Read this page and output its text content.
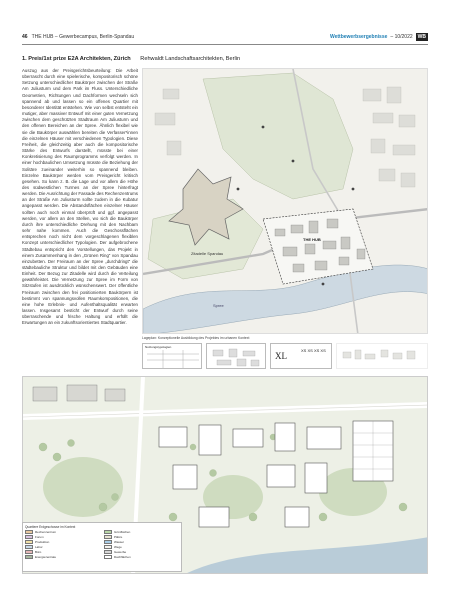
46 THE HUB – Gewerbecampus, Berlin-Spandau	Wettbewerbsergebnisse – 10/2022	WB
1. Preis/1st prize E2A Architekten, Zürich Rehwaldt Landschaftsarchitekten, Berlin
Auszug aus der Preisgerichtsbeurteilung: Die Arbeit überrascht durch eine spielerische, kompositorisch schöne Setzung unterschiedlicher Baukörper zwischen der Straße Am Juliusturm und dem Park im Fluss. Unterschiedliche Geometrien, Richtungen und Dachformen wechseln sich spannend ab und lassen so ein offenes Quartier mit besonderer Identität entstehen. Wie von selbst entsteht ein mutiger, aber massiver Entwurf mit einer guten Vernetzung zwischen dem geschützten Stadtraum Am Juliusturm und den offenen Bereichen an der Spree. Ähnlich flexibel wie sie die Baukörper auswählen bereiten die Verfasser*innen die einzelnen Häuser mit verschiedenen Typologien. Diese Freiheit, die gleichzeitig aber auch die kompositorische Stärke des Entwurfs darstellt, müsste bei einer Konkretisierung des Raumprogramms verfolgt werden. In einer hochbaulichen Umsetzung müsste die Beziehung der Solitäre zueinander weiterhin so spannend bleiben. Einzelne Baukörper werden vom Preisgericht kritisch gesehen. So kann z. B. die Lage und vor allem die Höhe des südwestlichen Turmes an der Spree hinterfragt werden. Die Ausrichtung der Fassade des Rechenzentrums an der Straße Am Juliusturm sollte zudem in die Kubatur angepasst werden. Die Abstandsflächen einzelner Häuser sollten auch noch einmal überprüft und ggf. angepasst werden, vor allem an den Stellen, wo sich die Baukörper durch ihre unterschiedliche Drehung mit den Nachbarn sehr nahe kommen. Auch die Geschossflächen entsprechen noch nicht dem vorgeschlagenen flexiblen Konzept unterschiedlicher Typologien. Der aufgebrochene Städtebau entspricht den Vorstellungen, das Projekt in einem Zusammenhang in den „Grünen Ring“ von Spandau einzubetten. Der Freiraum an der Spree „durchdringt“ die städtebauliche Struktur und bildet mit den Gebäuden eine Einheit. Der Bezug zur Zitadelle wird durch die Verteilung gewährleistet. Die Vernetzung zur Spree im Form von Sitzstufen ist ausdrücklich wünschenswert. Der öffentliche Freiraum zwischen den frei positionierten Baukörpern ist bestimmt von spannungsvollen Raumkompositionen, die eine hohe Erlebnis- und Aufenthaltsqualität erwarten lassen. Insgesamt besticht der Entwurf durch seine überraschende und frische Haltung und erfüllt die Erwartungen an ein zukunftsorientiertes Stadtquartier.
Zitadelle Spandau
Spree
THE HUB
Lageplan: Konzeptionelle Ausbildung des Projektes im urbanen Kontext
Nutzungstypologien
XL
XS XS XS XS
Quartiere Erdgeschosse im Kontext
Rechenzentrum	Grünflächen
Forum	Plätze
Produktion	Wasser
Labor	Wege
Büro	Gewerbe
Energiezentrale	Dachflächen
